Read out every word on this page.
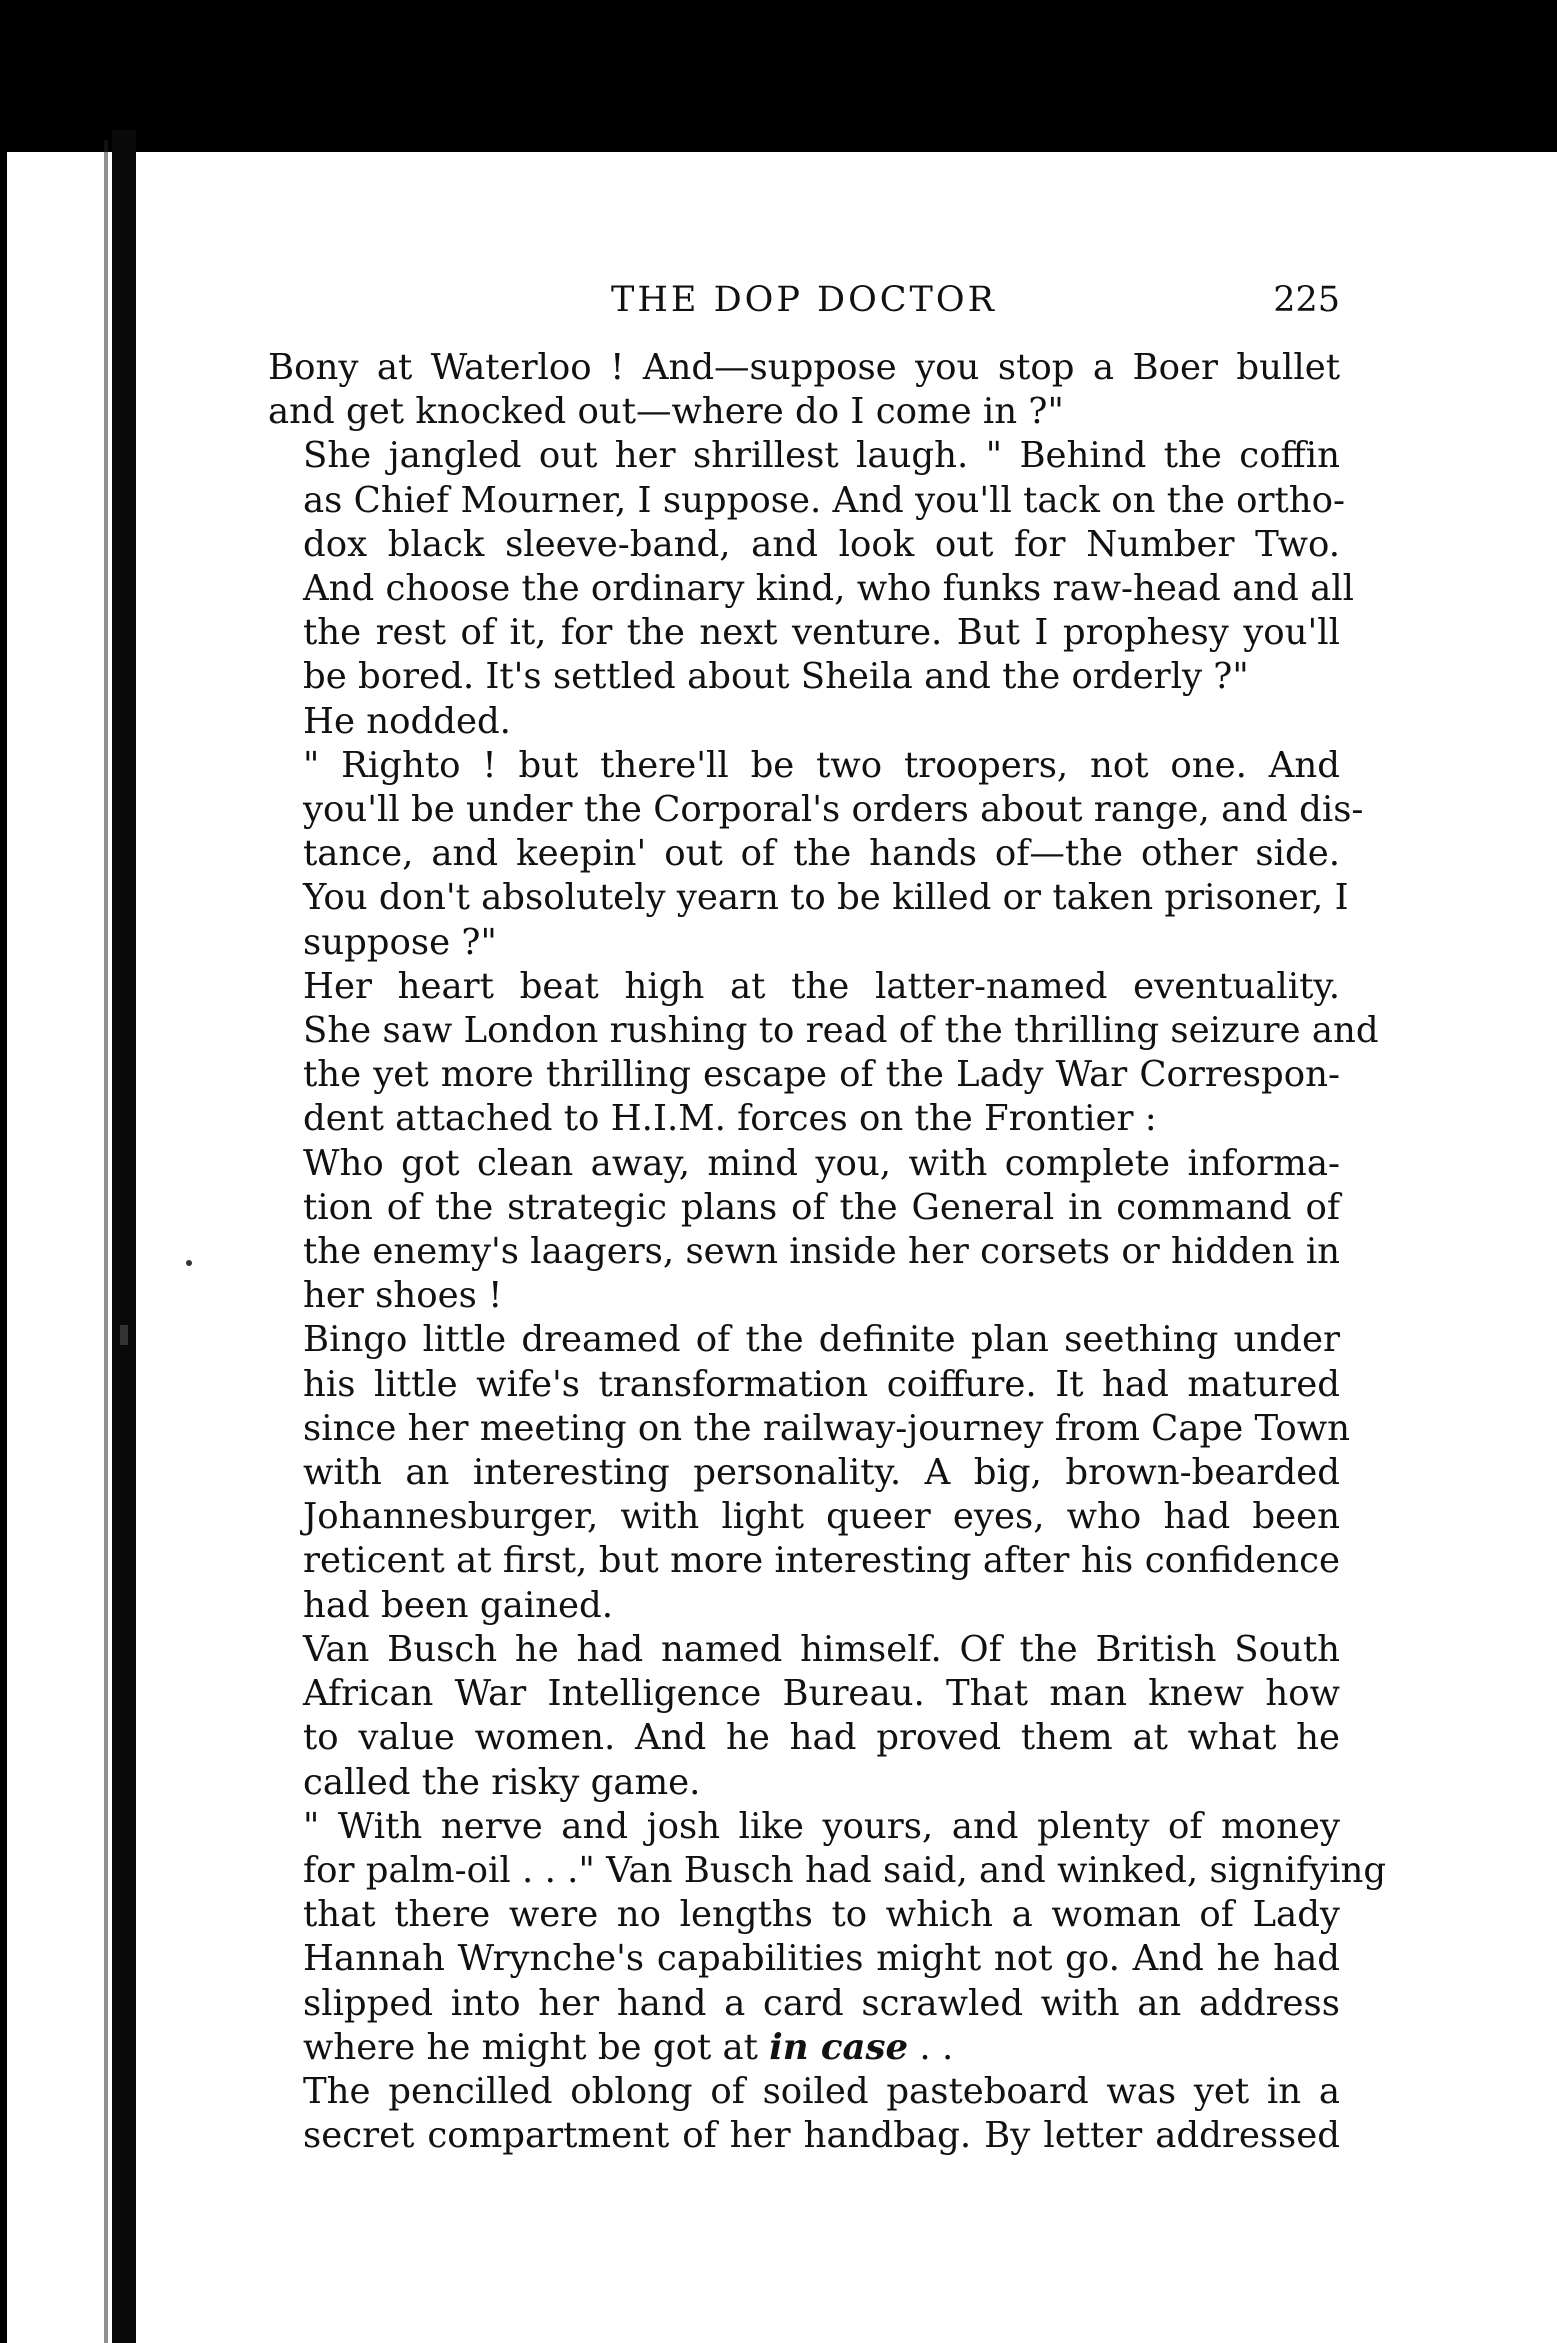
THE DOP DOCTOR	225

Bony at Waterloo ! And—suppose you stop a Boer bullet
and get knocked out—where do I come in ?"

She jangled out her shrillest laugh. " Behind the coffin
as Chief Mourner, I suppose. And you'll tack on the ortho-
dox black sleeve-band, and look out for Number Two.
And choose the ordinary kind, who funks raw-head and all
the rest of it, for the next venture. But I prophesy you'll
be bored. It's settled about Sheila and the orderly ?"

He nodded.

" Righto ! but there'll be two troopers, not one. And
you'll be under the Corporal's orders about range, and dis-
tance, and keepin' out of the hands of—the other side.
You don't absolutely yearn to be killed or taken prisoner, I
suppose ?"

Her heart beat high at the latter-named eventuality.
She saw London rushing to read of the thrilling seizure and
the yet more thrilling escape of the Lady War Correspon-
dent attached to H.I.M. forces on the Frontier :

Who got clean away, mind you, with complete informa-
tion of the strategic plans of the General in command of
the enemy's laagers, sewn inside her corsets or hidden in
her shoes !

Bingo little dreamed of the definite plan seething under
his little wife's transformation coiffure. It had matured
since her meeting on the railway-journey from Cape Town
with an interesting personality. A big, brown-bearded
Johannesburger, with light queer eyes, who had been
reticent at first, but more interesting after his confidence
had been gained.

Van Busch he had named himself. Of the British South
African War Intelligence Bureau. That man knew how
to value women. And he had proved them at what he
called the risky game.

" With nerve and josh like yours, and plenty of money
for palm-oil . . ." Van Busch had said, and winked, signifying
that there were no lengths to which a woman of Lady
Hannah Wrynche's capabilities might not go. And he had
slipped into her hand a card scrawled with an address
where he might be got at in case . .

The pencilled oblong of soiled pasteboard was yet in a
secret compartment of her handbag. By letter addressed
